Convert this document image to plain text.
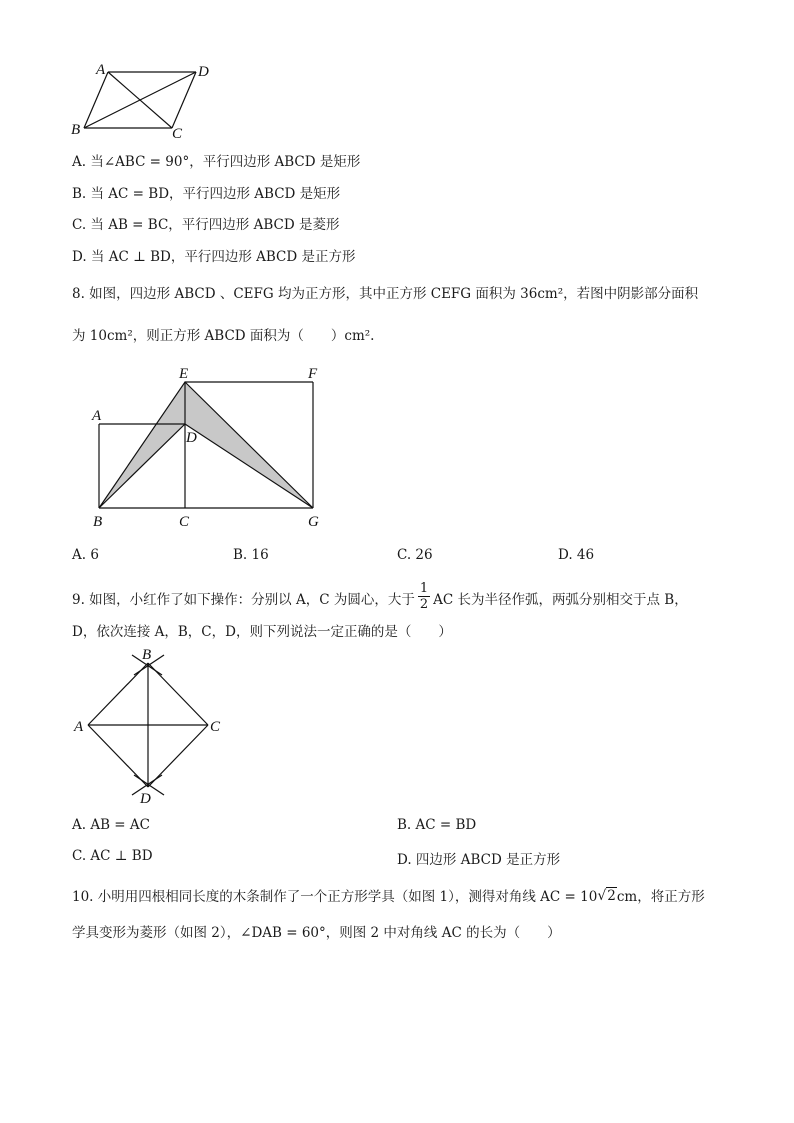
A	D
B	C
A. 当∠ABC = 90°，平行四边形 ABCD 是矩形
B. 当 AC = BD，平行四边形 ABCD 是矩形
C. 当 AB = BC，平行四边形 ABCD 是菱形
D. 当 AC ⊥ BD，平行四边形 ABCD 是正方形
8. 如图，四边形 ABCD 、CEFG 均为正方形，其中正方形 CEFG 面积为 36cm²，若图中阴影部分面积
为 10cm²，则正方形 ABCD 面积为（　　）cm².
A
E	F
D
B	C	G
A. 6	B. 16	C. 26	D. 46
9. 如图，小红作了如下操作：分别以 A，C 为圆心，大于 $\frac{1}{2}$ AC 长为半径作弧，两弧分别相交于点 B，
D，依次连接 A，B，C，D，则下列说法一定正确的是（　　）
B
A	C
D
A. AB = AC	B. AC = BD
C. AC ⊥ BD	D. 四边形 ABCD 是正方形
10. 小明用四根相同长度的木条制作了一个正方形学具（如图 1），测得对角线 AC = 10 √ 2 cm，将正方形
学具变形为菱形（如图 2），∠DAB = 60°，则图 2 中对角线 AC 的长为（　　）
